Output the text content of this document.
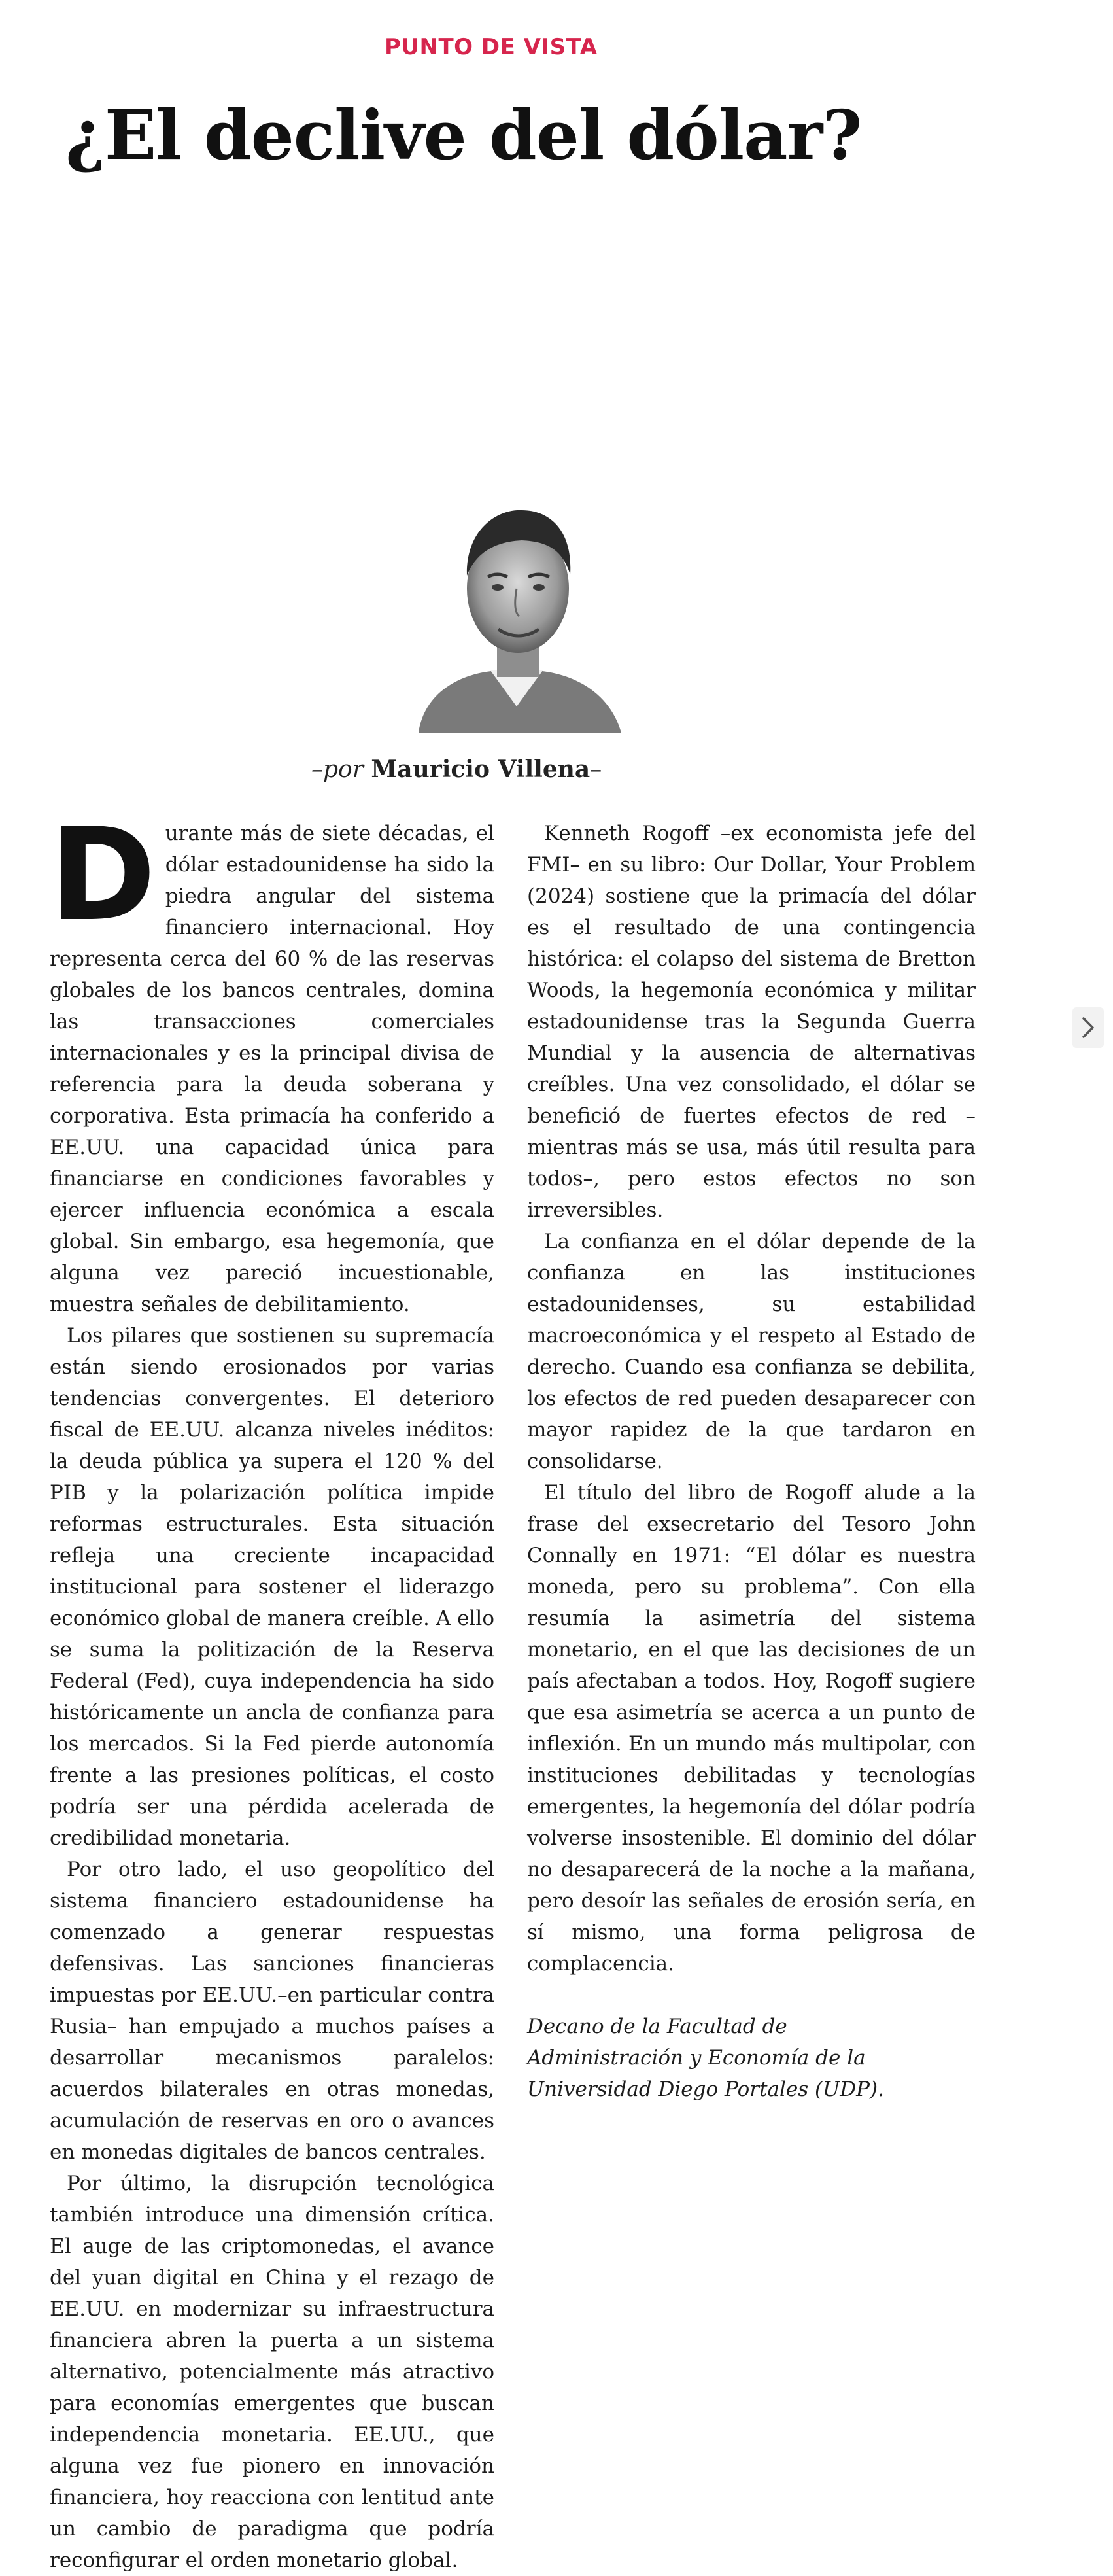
PUNTO DE VISTA
¿El declive del dólar?
–por Mauricio Villena–

Durante más de siete décadas, el dólar estadounidense ha sido la piedra angular del sistema financiero internacional. Hoy representa cerca del 60 % de las reservas globales de los bancos centrales, domina las transacciones comerciales internacionales y es la principal divisa de referencia para la deuda soberana y corporativa. Esta primacía ha conferido a EE.UU. una capacidad única para financiarse en condiciones favorables y ejercer influencia económica a escala global. Sin embargo, esa hegemonía, que alguna vez pareció incuestionable, muestra señales de debilitamiento.

Los pilares que sostienen su supremacía están siendo erosionados por varias tendencias convergentes. El deterioro fiscal de EE.UU. alcanza niveles inéditos: la deuda pública ya supera el 120 % del PIB y la polarización política impide reformas estructurales. Esta situación refleja una creciente incapacidad institucional para sostener el liderazgo económico global de manera creíble. A ello se suma la politización de la Reserva Federal (Fed), cuya independencia ha sido históricamente un ancla de confianza para los mercados. Si la Fed pierde autonomía frente a las presiones políticas, el costo podría ser una pérdida acelerada de credibilidad monetaria.

Por otro lado, el uso geopolítico del sistema financiero estadounidense ha comenzado a generar respuestas defensivas. Las sanciones financieras impuestas por EE.UU.–en particular contra Rusia– han empujado a muchos países a desarrollar mecanismos paralelos: acuerdos bilaterales en otras monedas, acumulación de reservas en oro o avances en monedas digitales de bancos centrales.

Por último, la disrupción tecnológica también introduce una dimensión crítica. El auge de las criptomonedas, el avance del yuan digital en China y el rezago de EE.UU. en modernizar su infraestructura financiera abren la puerta a un sistema alternativo, potencialmente más atractivo para economías emergentes que buscan independencia monetaria. EE.UU., que alguna vez fue pionero en innovación financiera, hoy reacciona con lentitud ante un cambio de paradigma que podría reconfigurar el orden monetario global.

Kenneth Rogoff –ex economista jefe del FMI– en su libro: Our Dollar, Your Problem (2024) sostiene que la primacía del dólar es el resultado de una contingencia histórica: el colapso del sistema de Bretton Woods, la hegemonía económica y militar estadounidense tras la Segunda Guerra Mundial y la ausencia de alternativas creíbles. Una vez consolidado, el dólar se benefició de fuertes efectos de red –mientras más se usa, más útil resulta para todos–, pero estos efectos no son irreversibles.

La confianza en el dólar depende de la confianza en las instituciones estadounidenses, su estabilidad macroeconómica y el respeto al Estado de derecho. Cuando esa confianza se debilita, los efectos de red pueden desaparecer con mayor rapidez de la que tardaron en consolidarse.

El título del libro de Rogoff alude a la frase del exsecretario del Tesoro John Connally en 1971: “El dólar es nuestra moneda, pero su problema”. Con ella resumía la asimetría del sistema monetario, en el que las decisiones de un país afectaban a todos. Hoy, Rogoff sugiere que esa asimetría se acerca a un punto de inflexión. En un mundo más multipolar, con instituciones debilitadas y tecnologías emergentes, la hegemonía del dólar podría volverse insostenible. El dominio del dólar no desaparecerá de la noche a la mañana, pero desoír las señales de erosión sería, en sí mismo, una forma peligrosa de complacencia.

Decano de la Facultad de
Administración y Economía de la
Universidad Diego Portales (UDP).
